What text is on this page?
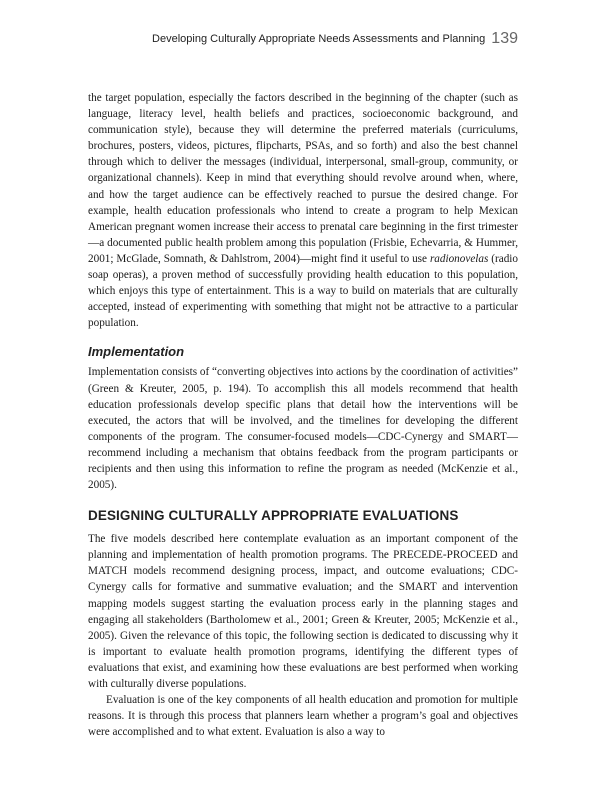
Developing Culturally Appropriate Needs Assessments and Planning 139

the target population, especially the factors described in the beginning of the chapter (such as language, literacy level, health beliefs and practices, socioeconomic background, and communication style), because they will determine the preferred materials (curriculums, brochures, posters, videos, pictures, flipcharts, PSAs, and so forth) and also the best channel through which to deliver the messages (individual, interpersonal, small-group, community, or organizational channels). Keep in mind that everything should revolve around when, where, and how the target audience can be effectively reached to pursue the desired change. For example, health education professionals who intend to create a program to help Mexican American pregnant women increase their access to prenatal care beginning in the first trimester—a documented public health problem among this population (Frisbie, Echevarria, & Hummer, 2001; McGlade, Somnath, & Dahlstrom, 2004)—might find it useful to use radionovelas (radio soap operas), a proven method of successfully providing health education to this population, which enjoys this type of entertainment. This is a way to build on materials that are culturally accepted, instead of experimenting with something that might not be attractive to a particular population.

Implementation

Implementation consists of “converting objectives into actions by the coordination of activities” (Green & Kreuter, 2005, p. 194). To accomplish this all models recommend that health education professionals develop specific plans that detail how the interventions will be executed, the actors that will be involved, and the timelines for developing the different components of the program. The consumer-focused models—CDC-Cynergy and SMART—recommend including a mechanism that obtains feedback from the program participants or recipients and then using this information to refine the program as needed (McKenzie et al., 2005).

DESIGNING CULTURALLY APPROPRIATE EVALUATIONS

The five models described here contemplate evaluation as an important component of the planning and implementation of health promotion programs. The PRECEDE-PROCEED and MATCH models recommend designing process, impact, and outcome evaluations; CDC-Cynergy calls for formative and summative evaluation; and the SMART and intervention mapping models suggest starting the evaluation process early in the planning stages and engaging all stakeholders (Bartholomew et al., 2001; Green & Kreuter, 2005; McKenzie et al., 2005). Given the relevance of this topic, the following section is dedicated to discussing why it is important to evaluate health promotion programs, identifying the different types of evaluations that exist, and examining how these evaluations are best performed when working with culturally diverse populations.

Evaluation is one of the key components of all health education and promotion for multiple reasons. It is through this process that planners learn whether a program’s goal and objectives were accomplished and to what extent. Evaluation is also a way to
